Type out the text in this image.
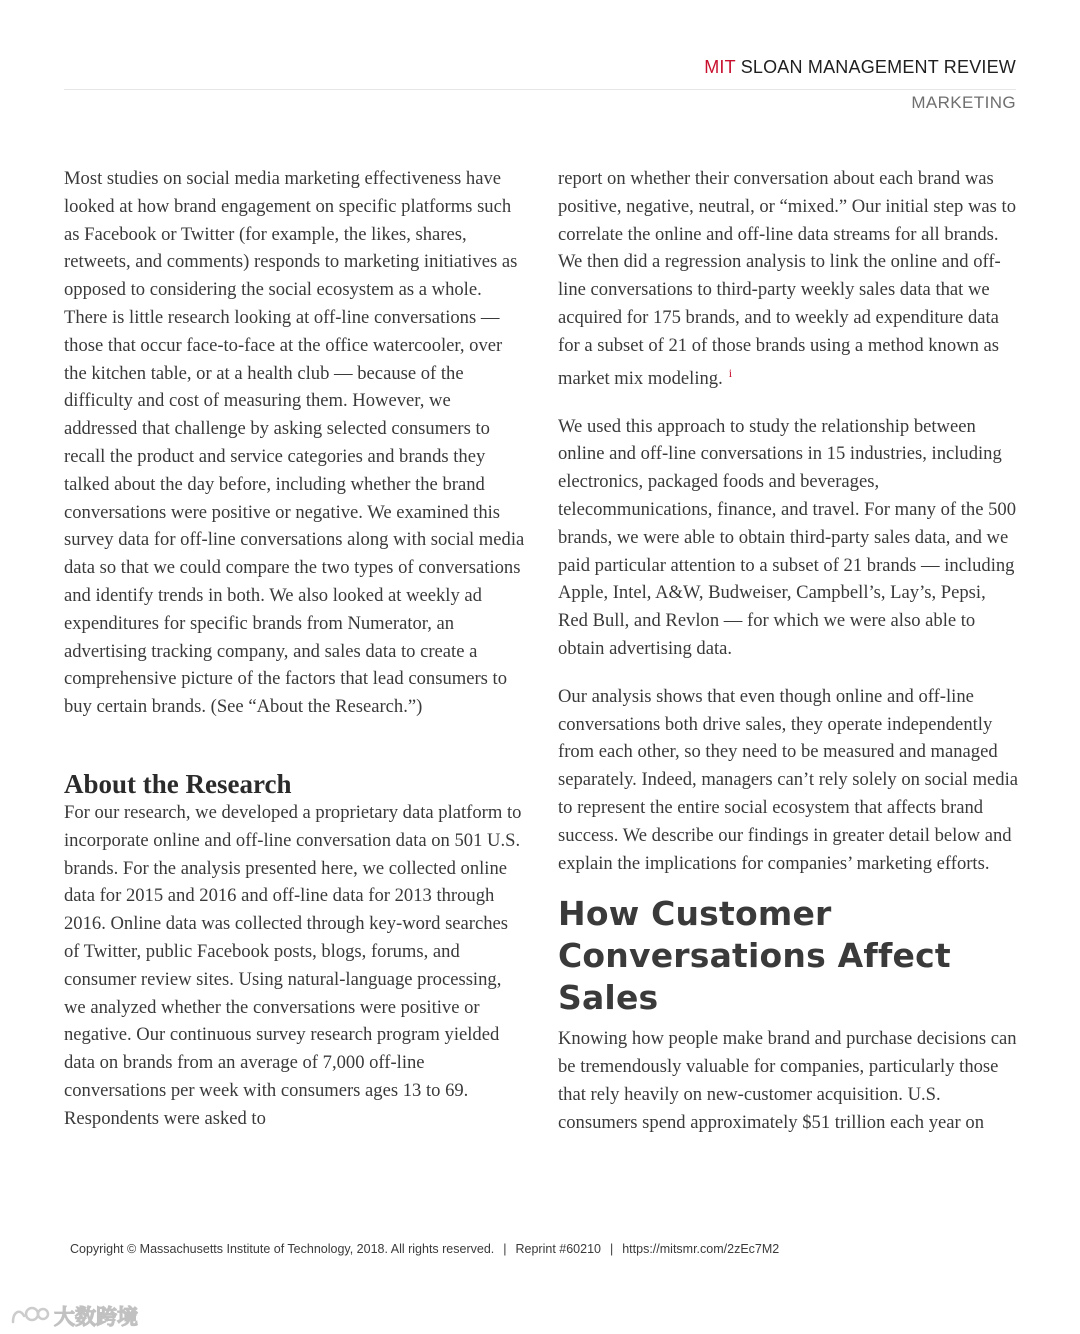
MIT SLOAN MANAGEMENT REVIEW
MARKETING

Most studies on social media marketing effectiveness have looked at how brand engagement on specific platforms such as Facebook or Twitter (for example, the likes, shares, retweets, and comments) responds to marketing initiatives as opposed to considering the social ecosystem as a whole. There is little research looking at off-line conversations — those that occur face-to-face at the office watercooler, over the kitchen table, or at a health club — because of the difficulty and cost of measuring them. However, we addressed that challenge by asking selected consumers to recall the product and service categories and brands they talked about the day before, including whether the brand conversations were positive or negative. We examined this survey data for off-line conversations along with social media data so that we could compare the two types of conversations and identify trends in both. We also looked at weekly ad expenditures for specific brands from Numerator, an advertising tracking company, and sales data to create a comprehensive picture of the factors that lead consumers to buy certain brands. (See “About the Research.”)

About the Research

For our research, we developed a proprietary data platform to incorporate online and off-line conversation data on 501 U.S. brands. For the analysis presented here, we collected online data for 2015 and 2016 and off-line data for 2013 through 2016. Online data was collected through key-word searches of Twitter, public Facebook posts, blogs, forums, and consumer review sites. Using natural-language processing, we analyzed whether the conversations were positive or negative. Our continuous survey research program yielded data on brands from an average of 7,000 off-line conversations per week with consumers ages 13 to 69. Respondents were asked to

report on whether their conversation about each brand was positive, negative, neutral, or “mixed.” Our initial step was to correlate the online and off-line data streams for all brands. We then did a regression analysis to link the online and off-line conversations to third-party weekly sales data that we acquired for 175 brands, and to weekly ad expenditure data for a subset of 21 of those brands using a method known as market mix modeling. $^i$

We used this approach to study the relationship between online and off-line conversations in 15 industries, including electronics, packaged foods and beverages, telecommunications, finance, and travel. For many of the 500 brands, we were able to obtain third-party sales data, and we paid particular attention to a subset of 21 brands — including Apple, Intel, A&W, Budweiser, Campbell’s, Lay’s, Pepsi, Red Bull, and Revlon — for which we were also able to obtain advertising data.

Our analysis shows that even though online and off-line conversations both drive sales, they operate independently from each other, so they need to be measured and managed separately. Indeed, managers can’t rely solely on social media to represent the entire social ecosystem that affects brand success. We describe our findings in greater detail below and explain the implications for companies’ marketing efforts.

How Customer Conversations Affect Sales

Knowing how people make brand and purchase decisions can be tremendously valuable for companies, particularly those that rely heavily on new-customer acquisition. U.S. consumers spend approximately $51 trillion each year on

Copyright © Massachusetts Institute of Technology, 2018. All rights reserved. | Reprint #60210 | https://mitsmr.com/2zEc7M2
大数跨境
